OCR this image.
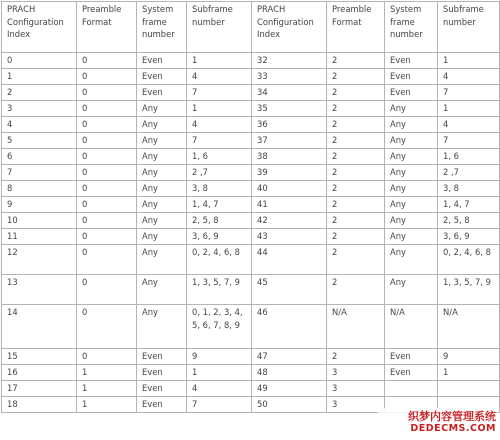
PRACH Configuration Index	Preamble Format	System frame number	Subframe number	PRACH Configuration Index	Preamble Format	System frame number	Subframe number
0	0	Even	1	32	2	Even	1
1	0	Even	4	33	2	Even	4
2	0	Even	7	34	2	Even	7
3	0	Any	1	35	2	Any	1
4	0	Any	4	36	2	Any	4
5	0	Any	7	37	2	Any	7
6	0	Any	1, 6	38	2	Any	1, 6
7	0	Any	2 ,7	39	2	Any	2 ,7
8	0	Any	3, 8	40	2	Any	3, 8
9	0	Any	1, 4, 7	41	2	Any	1, 4, 7
10	0	Any	2, 5, 8	42	2	Any	2, 5, 8
11	0	Any	3, 6, 9	43	2	Any	3, 6, 9
12	0	Any	0, 2, 4, 6, 8	44	2	Any	0, 2, 4, 6, 8
13	0	Any	1, 3, 5, 7, 9	45	2	Any	1, 3, 5, 7, 9
14	0	Any	0, 1, 2, 3, 4, 5, 6, 7, 8, 9	46	N/A	N/A	N/A
15	0	Even	9	47	2	Even	9
16	1	Even	1	48	3	Even	1
17	1	Even	4	49	3		
18	1	Even	7	50	3		
织梦内容管理系统
DEDECMS.COM
